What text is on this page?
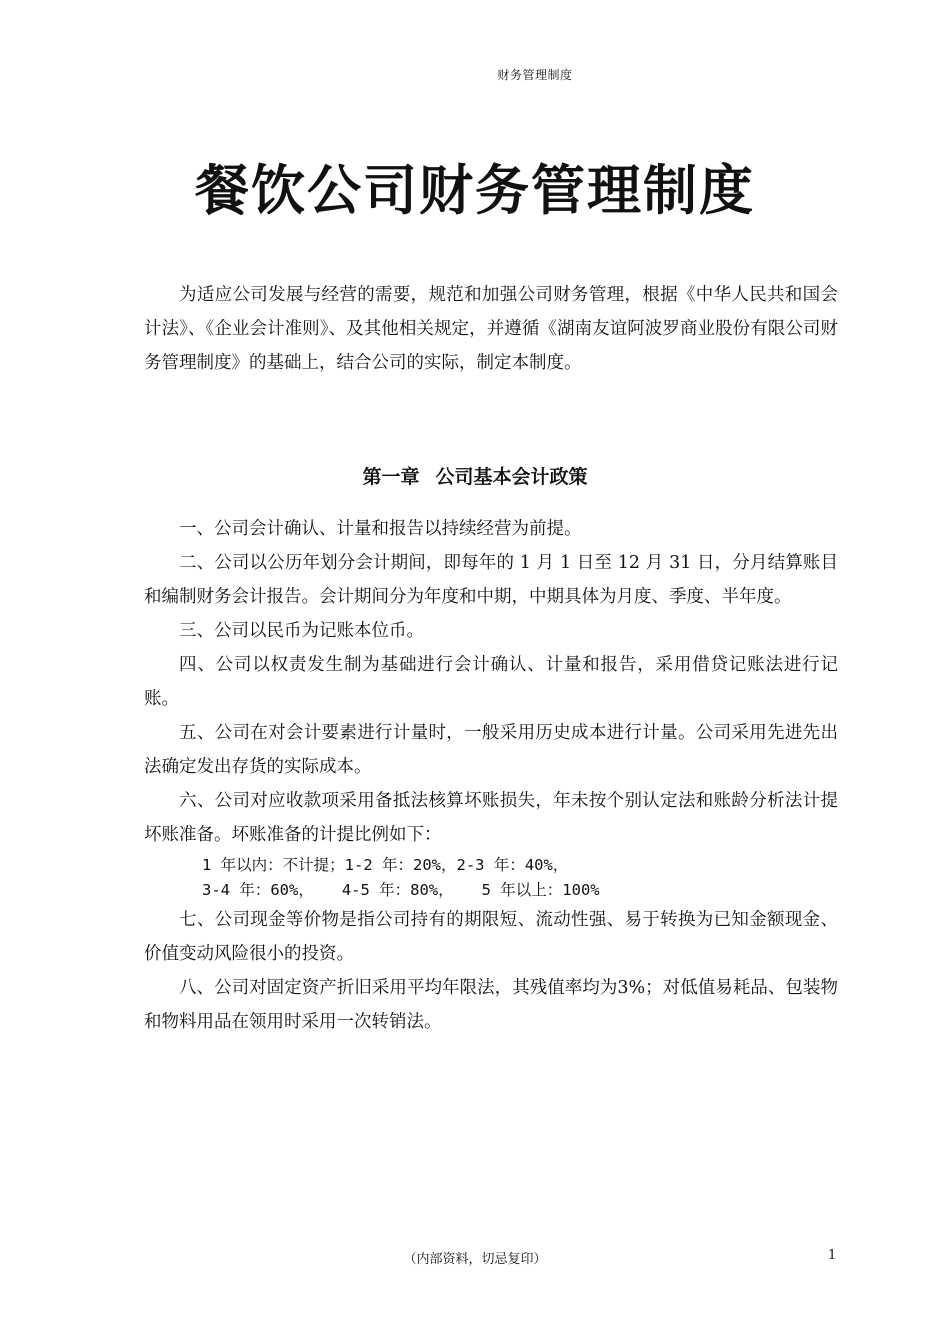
财务管理制度
餐饮公司财务管理制度

为适应公司发展与经营的需要，规范和加强公司财务管理，根据《中华人民共和国会计法》、《企业会计准则》、及其他相关规定，并遵循《湖南友谊阿波罗商业股份有限公司财务管理制度》的基础上，结合公司的实际，制定本制度。

第一章 公司基本会计政策

一、公司会计确认、计量和报告以持续经营为前提。

二、公司以公历年划分会计期间，即每年的 1 月 1 日至 12 月 31 日，分月结算账目和编制财务会计报告。会计期间分为年度和中期，中期具体为月度、季度、半年度。

三、公司以民币为记账本位币。

四、公司以权责发生制为基础进行会计确认、计量和报告，采用借贷记账法进行记账。

五、公司在对会计要素进行计量时，一般采用历史成本进行计量。公司采用先进先出法确定发出存货的实际成本。

六、公司对应收款项采用备抵法核算坏账损失，年未按个别认定法和账龄分析法计提坏账准备。坏账准备的计提比例如下：

1 年以内：不计提；1-2 年：20%，2-3 年：40%，
3-4 年：60%，   4-5 年：80%，   5 年以上：100%

七、公司现金等价物是指公司持有的期限短、流动性强、易于转换为已知金额现金、价值变动风险很小的投资。

八、公司对固定资产折旧采用平均年限法，其残值率均为3%；对低值易耗品、包装物和物料用品在领用时采用一次转销法。

（内部资料，切忌复印）	1
